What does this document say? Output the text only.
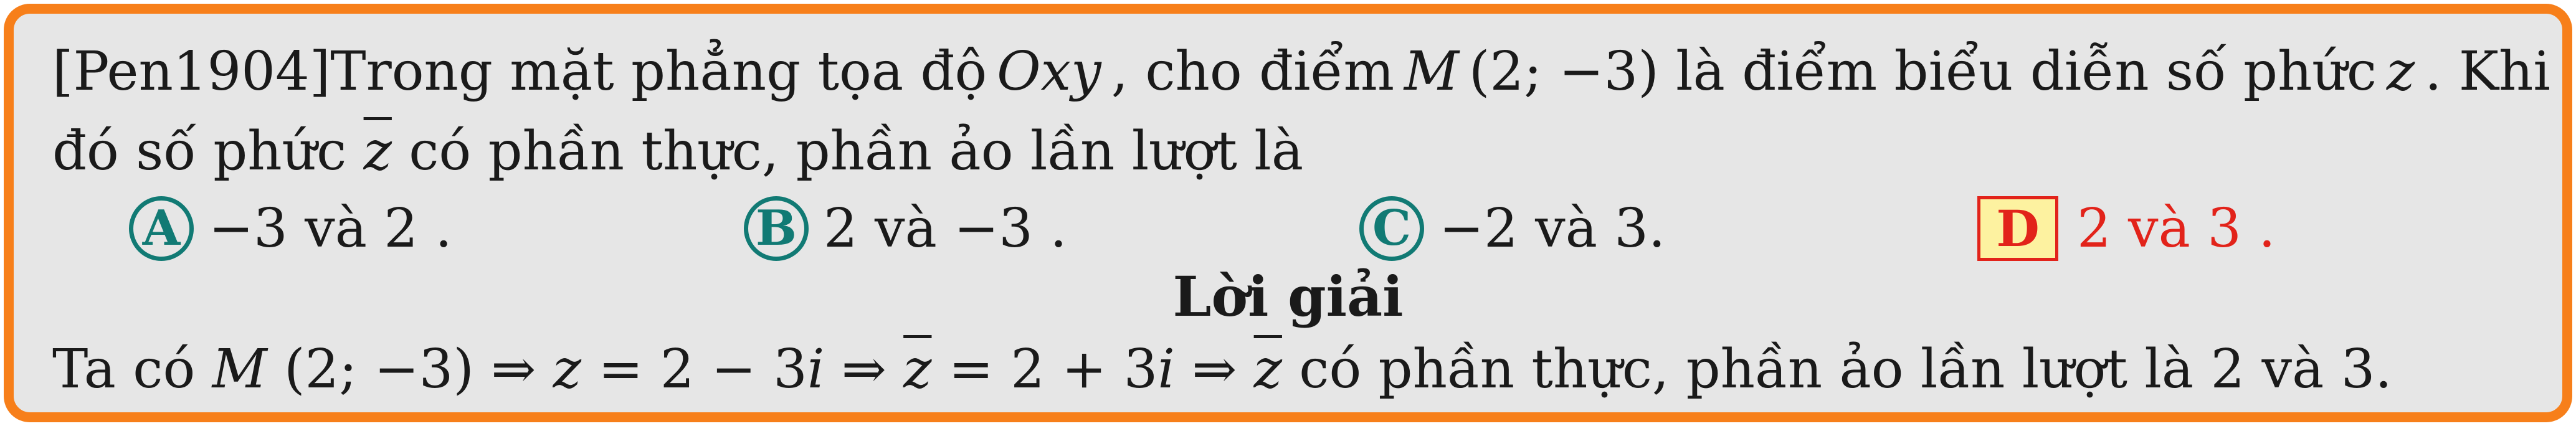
[Pen1904]Trong mặt phẳng tọa độ Oxy , cho điểm M (2; −3) là điểm biểu diễn số phức z . Khi
đó số phức $\overline{z}$ có phần thực, phần ảo lần lượt là
A −3 và 2 .	B 2 và −3 .	C −2 và 3.	D 2 và 3 .
Lời giải
Ta có M (2; −3) ⇒ z = 2 − 3i ⇒ $\overline{z} = 2 + 3i$ ⇒ $\overline{z}$ có phần thực, phần ảo lần lượt là 2 và 3.
